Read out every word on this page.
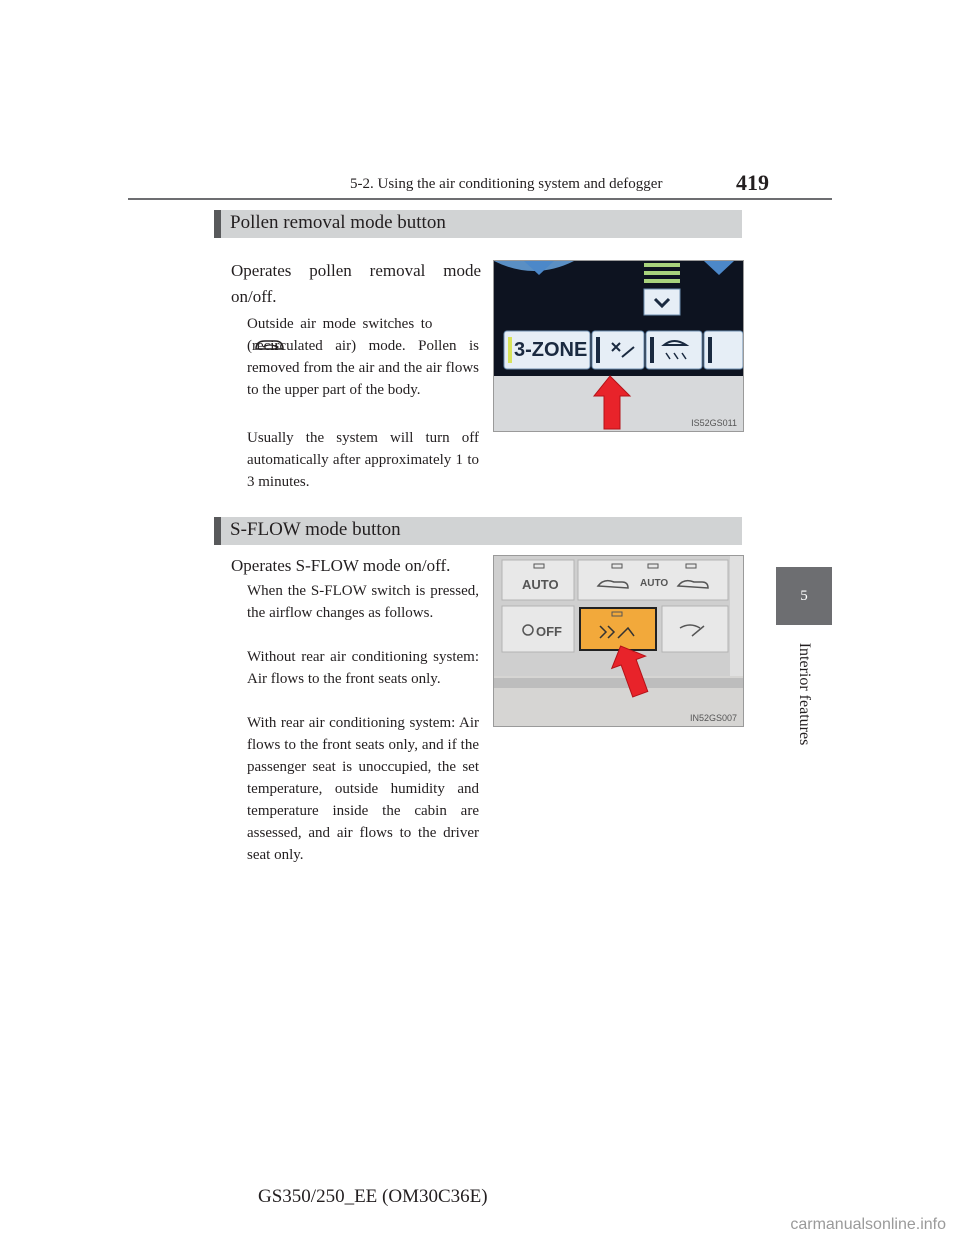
5-2. Using the air conditioning system and defogger	419
5
Interior features
Pollen removal mode button
Operates pollen removal mode on/off.
Outside air mode switches to (recirculated air) mode. Pollen is removed from the air and the air flows to the upper part of the body.
Usually the system will turn off automatically after approximately 1 to 3 minutes.
3-ZONE
IS52GS011
S-FLOW mode button
Operates S-FLOW mode on/off.
When the S-FLOW switch is pressed, the airflow changes as follows.
Without rear air conditioning system: Air flows to the front seats only.
With rear air conditioning system: Air flows to the front seats only, and if the passenger seat is unoccupied, the set temperature, outside humidity and temperature inside the cabin are assessed, and air flows to the driver seat only.
AUTO	AUTO
OFF
IN52GS007
GS350/250_EE (OM30C36E)
carmanualsonline.info
